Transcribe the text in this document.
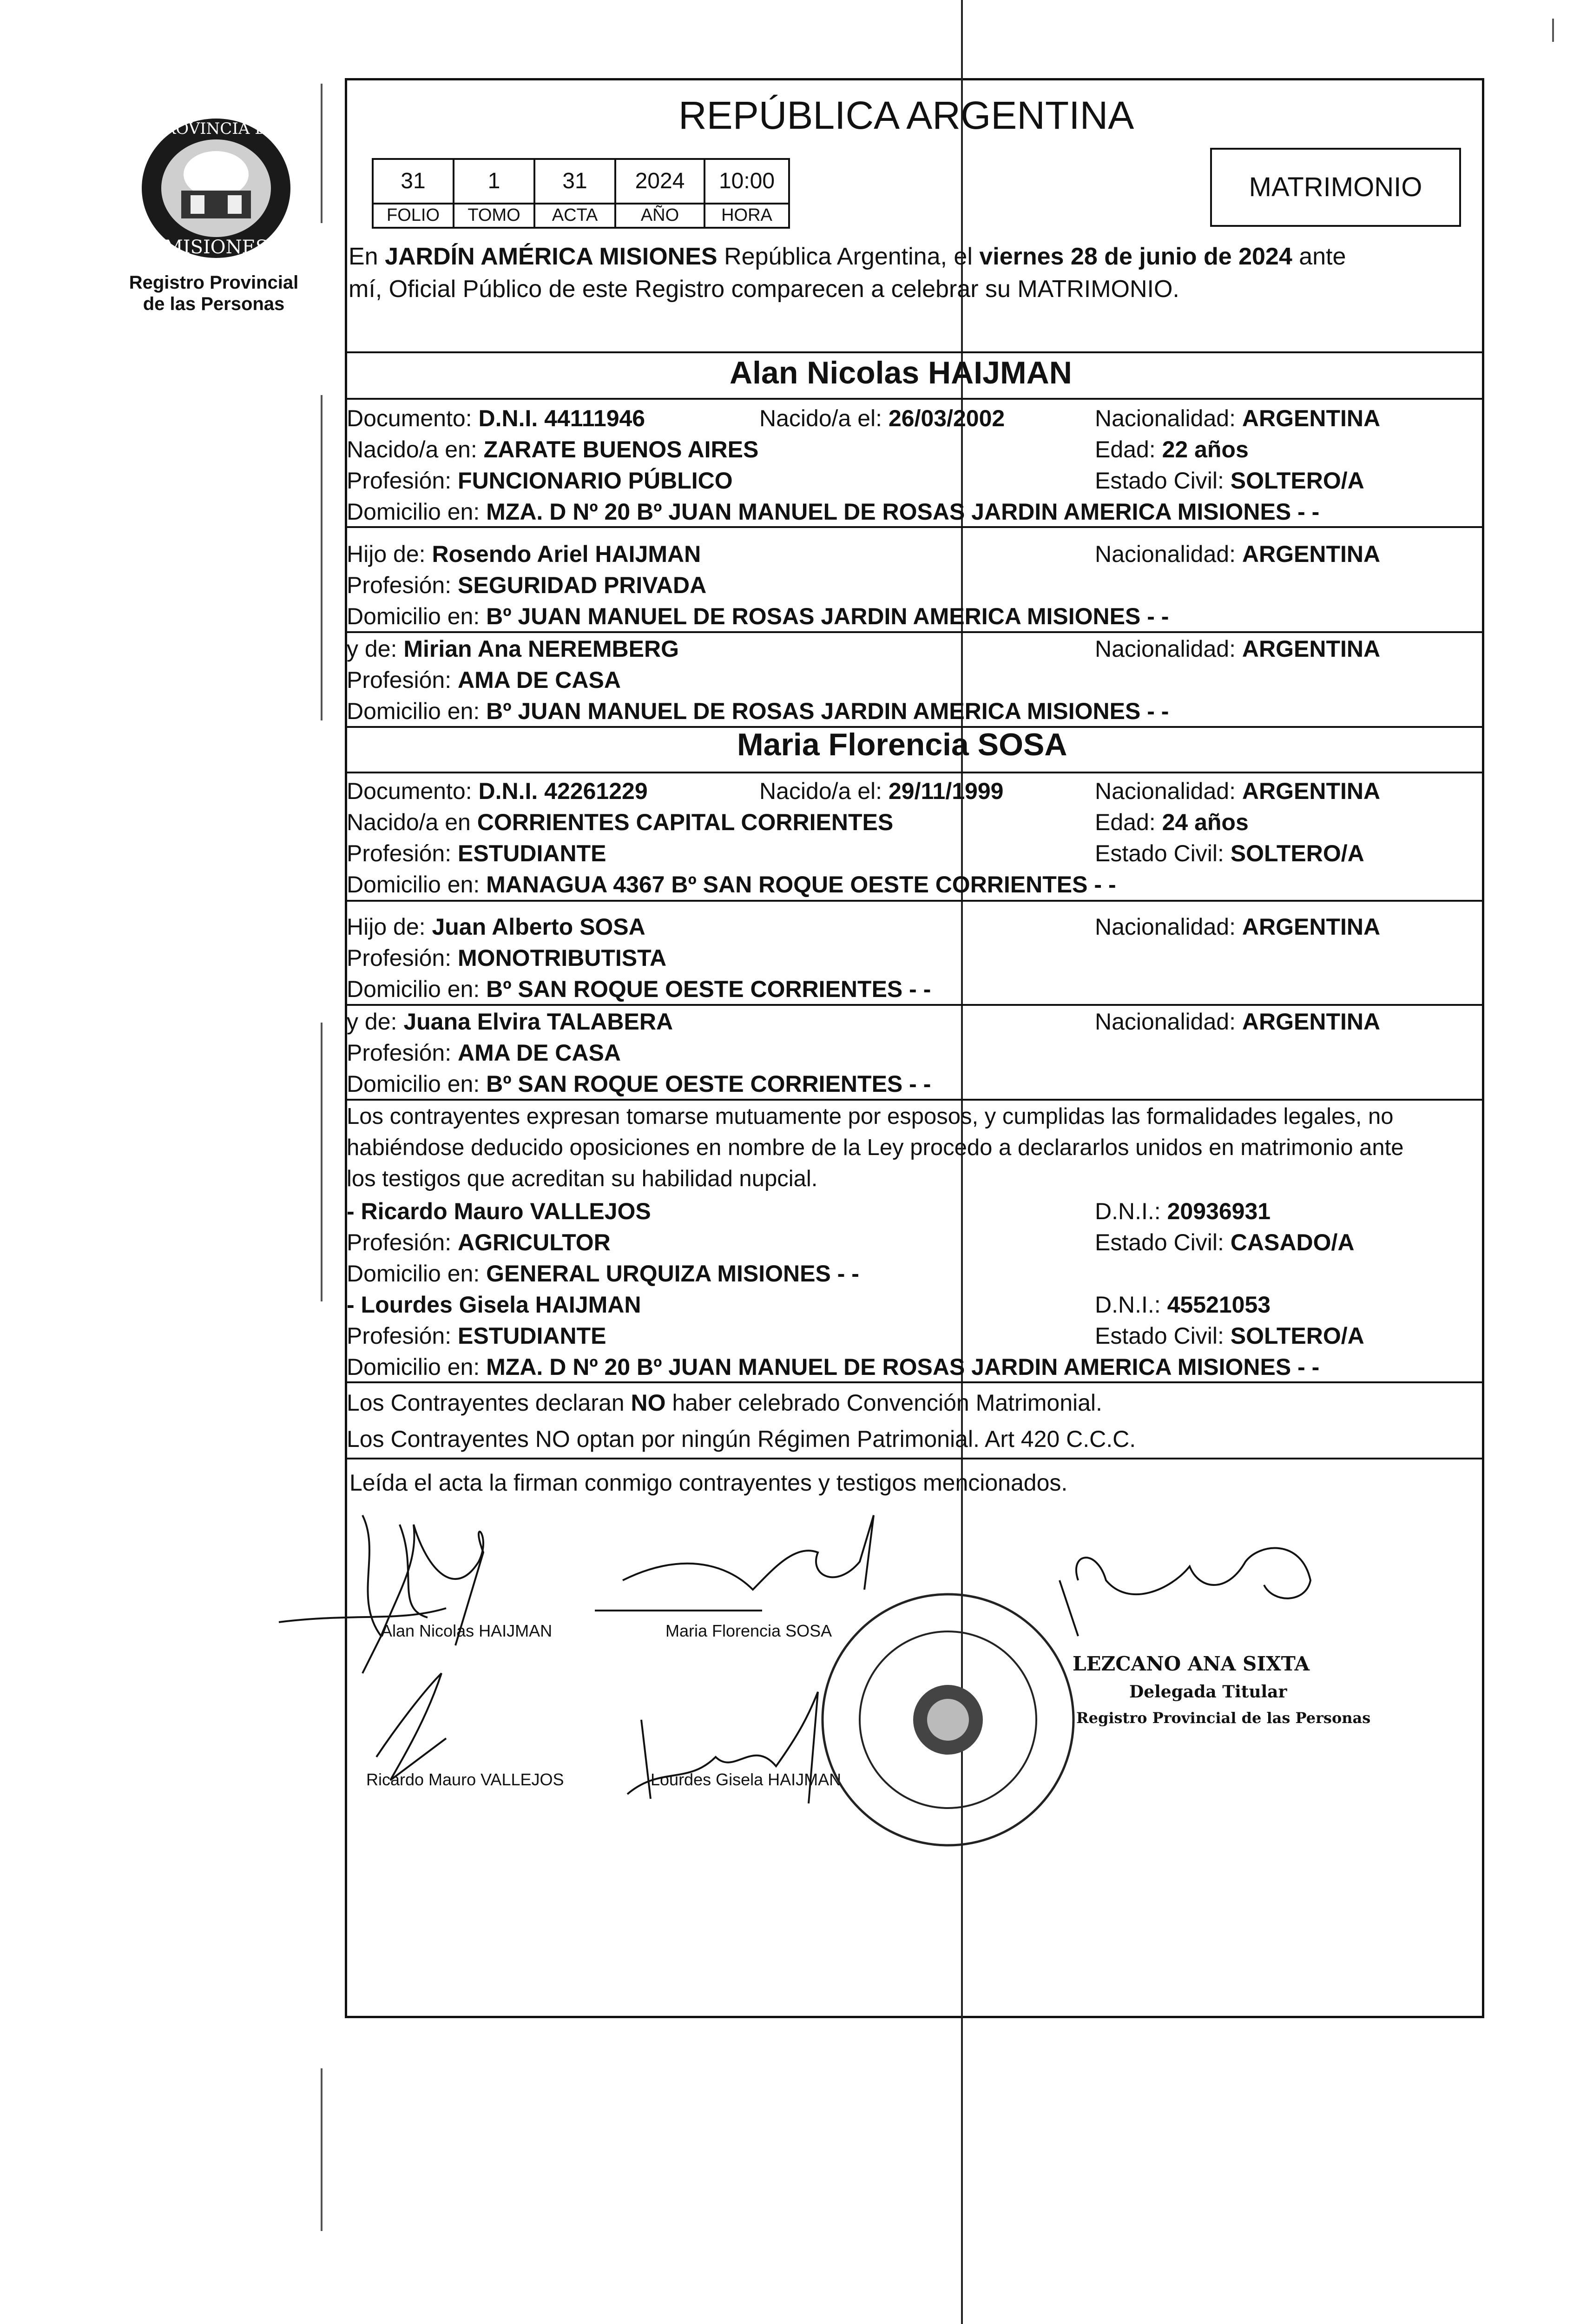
PROVINCIA DE
MISIONES
Registro Provincial
de las Personas
REPÚBLICA ARGENTINA
31	1	31	2024	10:00
FOLIO	TOMO	ACTA	AÑO	HORA
MATRIMONIO
En JARDÍN AMÉRICA MISIONES República Argentina, el viernes 28 de junio de 2024 ante
mí, Oficial Público de este Registro comparecen a celebrar su MATRIMONIO.
Alan Nicolas HAIJMAN
Documento: D.N.I. 44111946	Nacido/a el: 26/03/2002	Nacionalidad: ARGENTINA
Nacido/a en: ZARATE BUENOS AIRES	Edad: 22 años
Profesión: FUNCIONARIO PÚBLICO	Estado Civil: SOLTERO/A
Domicilio en: MZA. D Nº 20 Bº JUAN MANUEL DE ROSAS JARDIN AMERICA MISIONES - -
Hijo de: Rosendo Ariel HAIJMAN	Nacionalidad: ARGENTINA
Profesión: SEGURIDAD PRIVADA
Domicilio en: Bº JUAN MANUEL DE ROSAS JARDIN AMERICA MISIONES - -
y de: Mirian Ana NEREMBERG	Nacionalidad: ARGENTINA
Profesión: AMA DE CASA
Domicilio en: Bº JUAN MANUEL DE ROSAS JARDIN AMERICA MISIONES - -
Maria Florencia SOSA
Documento: D.N.I. 42261229	Nacido/a el: 29/11/1999	Nacionalidad: ARGENTINA
Nacido/a en CORRIENTES CAPITAL CORRIENTES	Edad: 24 años
Profesión: ESTUDIANTE	Estado Civil: SOLTERO/A
Domicilio en: MANAGUA 4367 Bº SAN ROQUE OESTE CORRIENTES - -
Hijo de: Juan Alberto SOSA	Nacionalidad: ARGENTINA
Profesión: MONOTRIBUTISTA
Domicilio en: Bº SAN ROQUE OESTE CORRIENTES - -
y de: Juana Elvira TALABERA	Nacionalidad: ARGENTINA
Profesión: AMA DE CASA
Domicilio en: Bº SAN ROQUE OESTE CORRIENTES - -
Los contrayentes expresan tomarse mutuamente por esposos, y cumplidas las formalidades legales, no
habiéndose deducido oposiciones en nombre de la Ley procedo a declararlos unidos en matrimonio ante
los testigos que acreditan su habilidad nupcial.
- Ricardo Mauro VALLEJOS	D.N.I.: 20936931
Profesión: AGRICULTOR	Estado Civil: CASADO/A
Domicilio en: GENERAL URQUIZA MISIONES - -
- Lourdes Gisela HAIJMAN	D.N.I.: 45521053
Profesión: ESTUDIANTE	Estado Civil: SOLTERO/A
Domicilio en: MZA. D Nº 20 Bº JUAN MANUEL DE ROSAS JARDIN AMERICA MISIONES - -
Los Contrayentes declaran NO haber celebrado Convención Matrimonial.
Los Contrayentes NO optan por ningún Régimen Patrimonial. Art 420 C.C.C.
Leída el acta la firman conmigo contrayentes y testigos mencionados.
Alan Nicolas HAIJMAN	Maria Florencia SOSA
Ricardo Mauro VALLEJOS	Lourdes Gisela HAIJMAN
LEZCANO ANA SIXTA
Delegada Titular
Registro Provincial de las Personas
